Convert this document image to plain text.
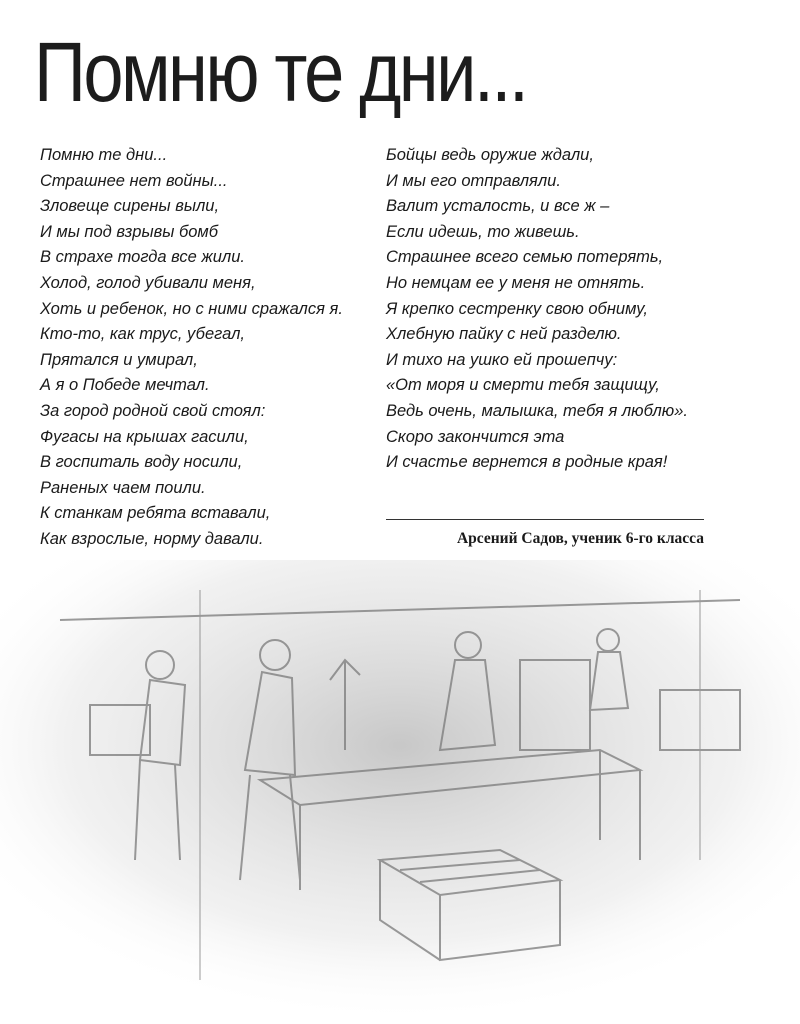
Помню те дни...
Помню те дни...
Страшнее нет войны...
Зловеще сирены выли,
И мы под взрывы бомб
В страхе тогда все жили.
Холод, голод убивали меня,
Хоть и ребенок, но с ними сражался я.
Кто-то, как трус, убегал,
Прятался и умирал,
А я о Победе мечтал.
За город родной свой стоял:
Фугасы на крышах гасили,
В госпиталь воду носили,
Раненых чаем поили.
К станкам ребята вставали,
Как взрослые, норму давали.
Бойцы ведь оружие ждали,
И мы его отправляли.
Валит усталость, и все ж –
Если идешь, то живешь.
Страшнее всего семью потерять,
Но немцам ее у меня не отнять.
Я крепко сестренку свою обниму,
Хлебную пайку с ней разделю.
И тихо на ушко ей прошепчу:
«От моря и смерти тебя защищу,
Ведь очень, малышка, тебя я люблю».
Скоро закончится эта
И счастье вернется в родные края!
Арсений Садов, ученик 6-го класса
